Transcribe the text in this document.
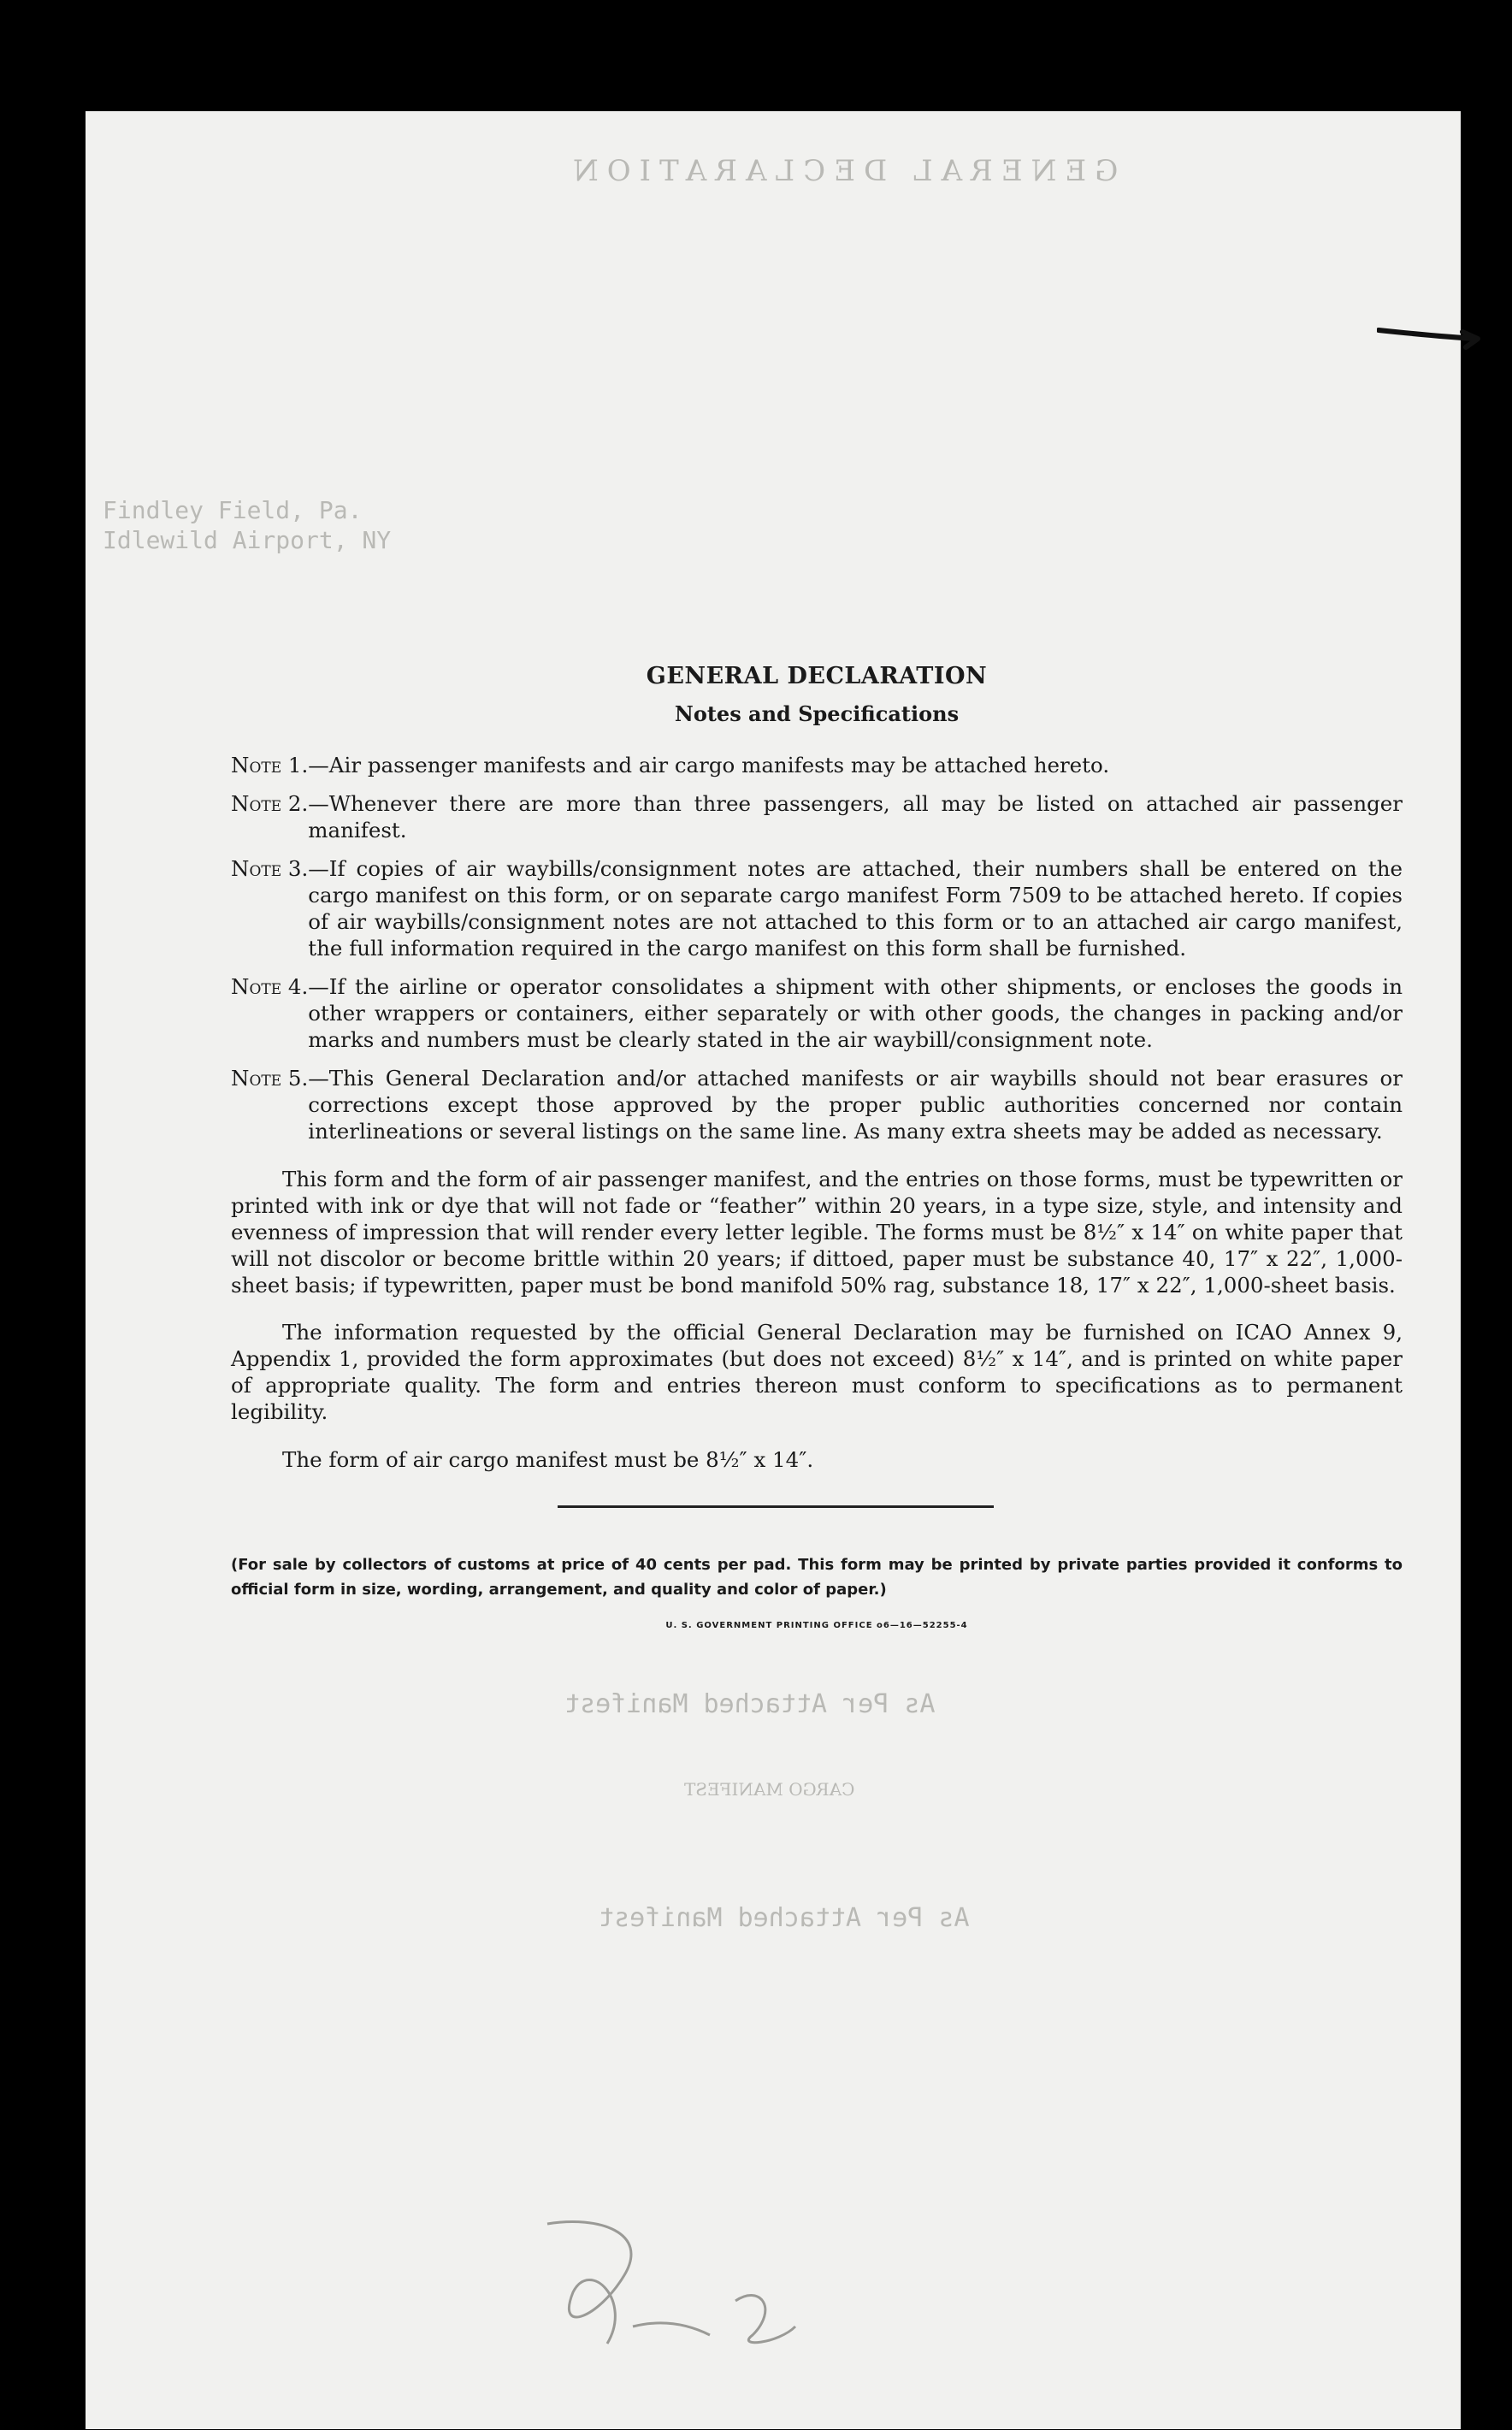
GENERAL DECLARATION
Findley Field, Pa.
Idlewild Airport, NY
As Per Attached Manifest
CARGO MANIFEST
As Per Attached Manifest
GENERAL DECLARATION
Notes and Specifications
Note 1. —Air passenger manifests and air cargo manifests may be attached hereto.
Note 2. —Whenever there are more than three passengers, all may be listed on attached air passenger manifest.
Note 3. —If copies of air waybills/consignment notes are attached, their numbers shall be entered on the cargo manifest on this form, or on separate cargo manifest Form 7509 to be attached hereto. If copies of air waybills/consignment notes are not attached to this form or to an attached air cargo manifest, the full information required in the cargo manifest on this form shall be furnished.
Note 4. —If the airline or operator consolidates a shipment with other shipments, or encloses the goods in other wrappers or containers, either separately or with other goods, the changes in packing and/or marks and numbers must be clearly stated in the air waybill/consignment note.
Note 5. —This General Declaration and/or attached manifests or air waybills should not bear erasures or corrections except those approved by the proper public authorities concerned nor contain interlineations or several listings on the same line. As many extra sheets may be added as necessary.

This form and the form of air passenger manifest, and the entries on those forms, must be typewritten or printed with ink or dye that will not fade or “feather” within 20 years, in a type size, style, and intensity and evenness of impression that will render every letter legible. The forms must be 8½″ x 14″ on white paper that will not discolor or become brittle within 20 years; if dittoed, paper must be substance 40, 17″ x 22″, 1,000-sheet basis; if typewritten, paper must be bond manifold 50% rag, substance 18, 17″ x 22″, 1,000-sheet basis.

The information requested by the official General Declaration may be furnished on ICAO Annex 9, Appendix 1, provided the form approximates (but does not exceed) 8½″ x 14″, and is printed on white paper of appropriate quality. The form and entries thereon must conform to specifications as to permanent legibility.

The form of air cargo manifest must be 8½″ x 14″.

(For sale by collectors of customs at price of 40 cents per pad. This form may be printed by private parties provided it conforms to official form in size, wording, arrangement, and quality and color of paper.)
U. S. GOVERNMENT PRINTING OFFICE o6—16—52255-4
